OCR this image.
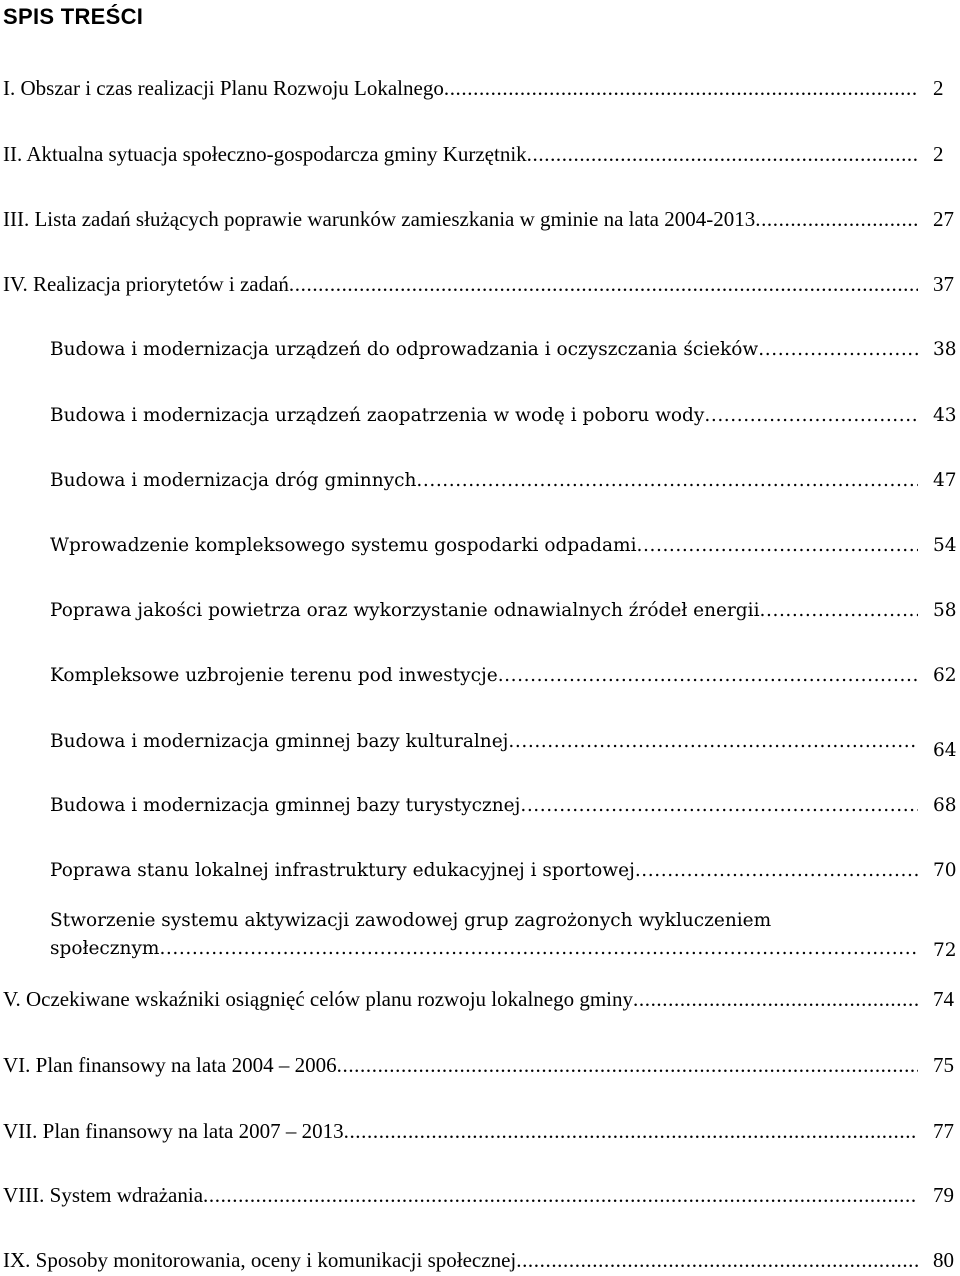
SPIS TREŚCI
I. Obszar i czas realizacji Planu Rozwoju Lokalnego .....	2
II. Aktualna sytuacja społeczno-gospodarcza gminy Kurzętnik .....	2
III. Lista zadań służących poprawie warunków zamieszkania w gminie na lata 2004-2013 .....	27
IV. Realizacja priorytetów i zadań .....	37
Budowa i modernizacja urządzeń do odprowadzania i oczyszczania ścieków .....	38
Budowa i modernizacja urządzeń zaopatrzenia w wodę i poboru wody .....	43
Budowa i modernizacja dróg gminnych .....	47
Wprowadzenie kompleksowego systemu gospodarki odpadami .....	54
Poprawa jakości powietrza oraz wykorzystanie odnawialnych źródeł energii .....	58
Kompleksowe uzbrojenie terenu pod inwestycje .....	62
Budowa i modernizacja gminnej bazy kulturalnej .....	64
Budowa i modernizacja gminnej bazy turystycznej .....	68
Poprawa stanu lokalnej infrastruktury edukacyjnej i sportowej .....	70
Stworzenie systemu aktywizacji zawodowej grup zagrożonych wykluczeniem
społecznym .....	72
V. Oczekiwane wskaźniki osiągnięć celów planu rozwoju lokalnego gminy .....	74
VI. Plan finansowy na lata 2004 – 2006 .....	75
VII. Plan finansowy na lata 2007 – 2013 .....	77
VIII. System wdrażania .....	79
IX. Sposoby monitorowania, oceny i komunikacji społecznej .....	80
